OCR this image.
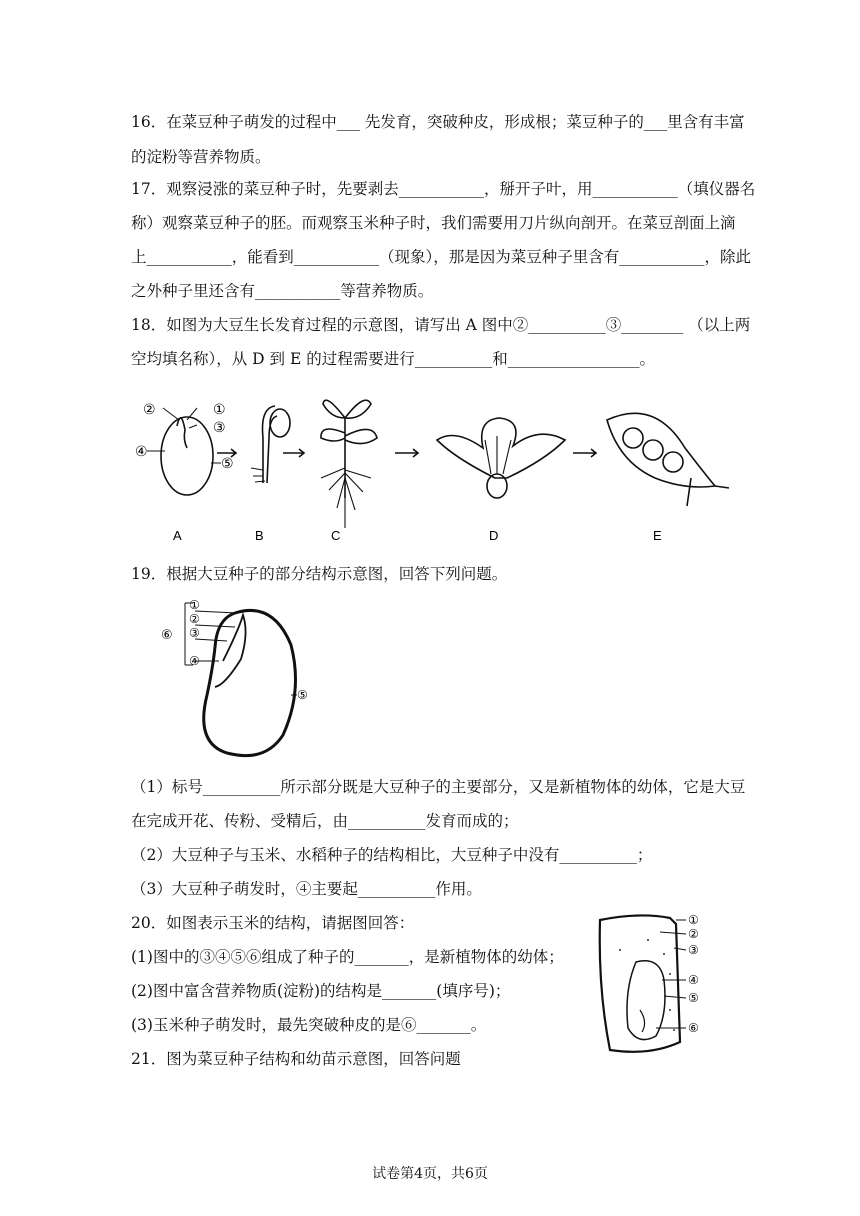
16．在菜豆种子萌发的过程中___ 先发育，突破种皮，形成根；菜豆种子的___里含有丰富
的淀粉等营养物质。
17．观察浸涨的菜豆种子时，先要剥去___________，掰开子叶，用___________（填仪器名
称）观察菜豆种子的胚。而观察玉米种子时，我们需要用刀片纵向剖开。在菜豆剖面上滴
上___________，能看到___________（现象），那是因为菜豆种子里含有___________，除此
之外种子里还含有___________等营养物质。
18．如图为大豆生长发育过程的示意图，请写出 A 图中②__________③________ （以上两
空均填名称），从 D 到 E 的过程需要进行__________和_________________。
②	①
③
④
⑤
A	B	C	D	E
19．根据大豆种子的部分结构示意图，回答下列问题。
①
②
③
④
⑤
⑥
（1）标号__________所示部分既是大豆种子的主要部分，又是新植物体的幼体，它是大豆
在完成开花、传粉、受精后，由__________发育而成的；
（2）大豆种子与玉米、水稻种子的结构相比，大豆种子中没有__________；
（3）大豆种子萌发时，④主要起__________作用。
20．如图表示玉米的结构，请据图回答：
(1)图中的③④⑤⑥组成了种子的_______，是新植物体的幼体；
(2)图中富含营养物质(淀粉)的结构是_______(填序号)；
(3)玉米种子萌发时，最先突破种皮的是⑥_______。
①
②
③
④
⑤
⑥
21．图为菜豆种子结构和幼苗示意图，回答问题
试卷第4页，共6页
